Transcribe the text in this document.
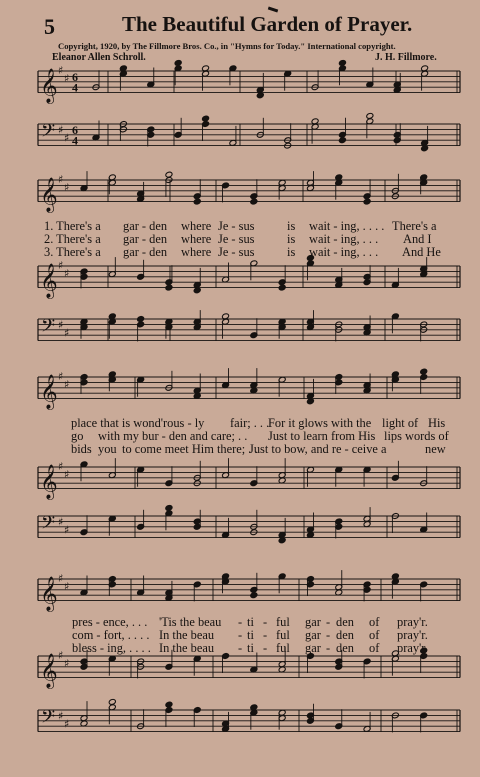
5	The Beautiful Garden of Prayer.
Copyright, 1920, by The Fillmore Bros. Co., in "Hymns for Today." International copyright.
Eleanor Allen Schroll.	J. H. Fillmore.
𝄞 ♯
♯ 6
4
𝄢 ♯
♯
6
4
𝄞 ♯
♯
𝄞 ♯
♯
𝄢 ♯
♯
𝄞 ♯
♯
𝄞 ♯
♯
𝄢 ♯
♯
𝄞 ♯
♯
𝄞 ♯
♯
𝄢 ♯
♯
1. There's a gar - den where Je - sus	is wait - ing, . . . . There's a
2. There's a gar - den where Je - sus	is wait - ing, . . . And I
3. There's a gar - den where Je - sus	is wait - ing, . . . And He
place that is wond'rous - ly fair; . . .
For it glows with the light of His
go with my bur - den and care; . . Just to learn from His lips words of
bids you to come meet Him there; . .
Just to bow, and re - ceive a	new
pres - ence, . . . 'Tis the beau - ti - ful gar - den of pray'r.
com - fort, . . . . In the beau - ti - ful gar - den of pray'r.
bless - ing, . . . . In the beau - ti - ful gar - den of pray'r.
